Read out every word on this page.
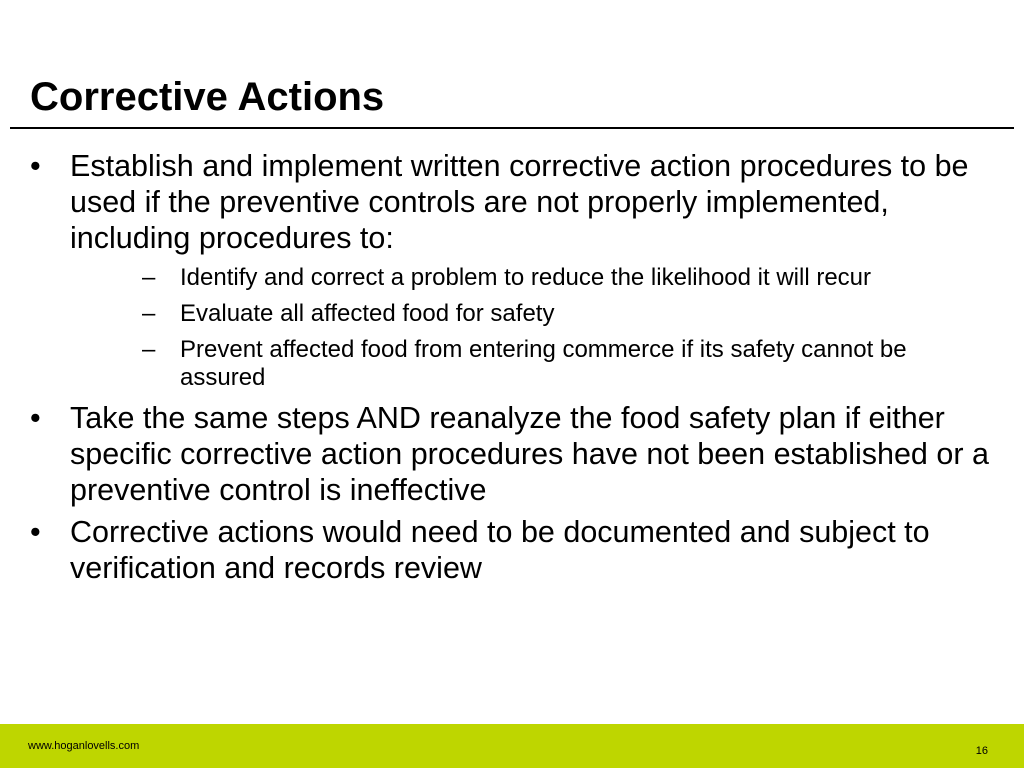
Corrective Actions
• Establish and implement written corrective action procedures to be used if the preventive controls are not properly implemented, including procedures to:
– Identify and correct a problem to reduce the likelihood it will recur
– Evaluate all affected food for safety
– Prevent affected food from entering commerce if its safety cannot be assured
• Take the same steps AND reanalyze the food safety plan if either specific corrective action procedures have not been established or a preventive control is ineffective
• Corrective actions would need to be documented and subject to verification and records review
www.hoganlovells.com	16
